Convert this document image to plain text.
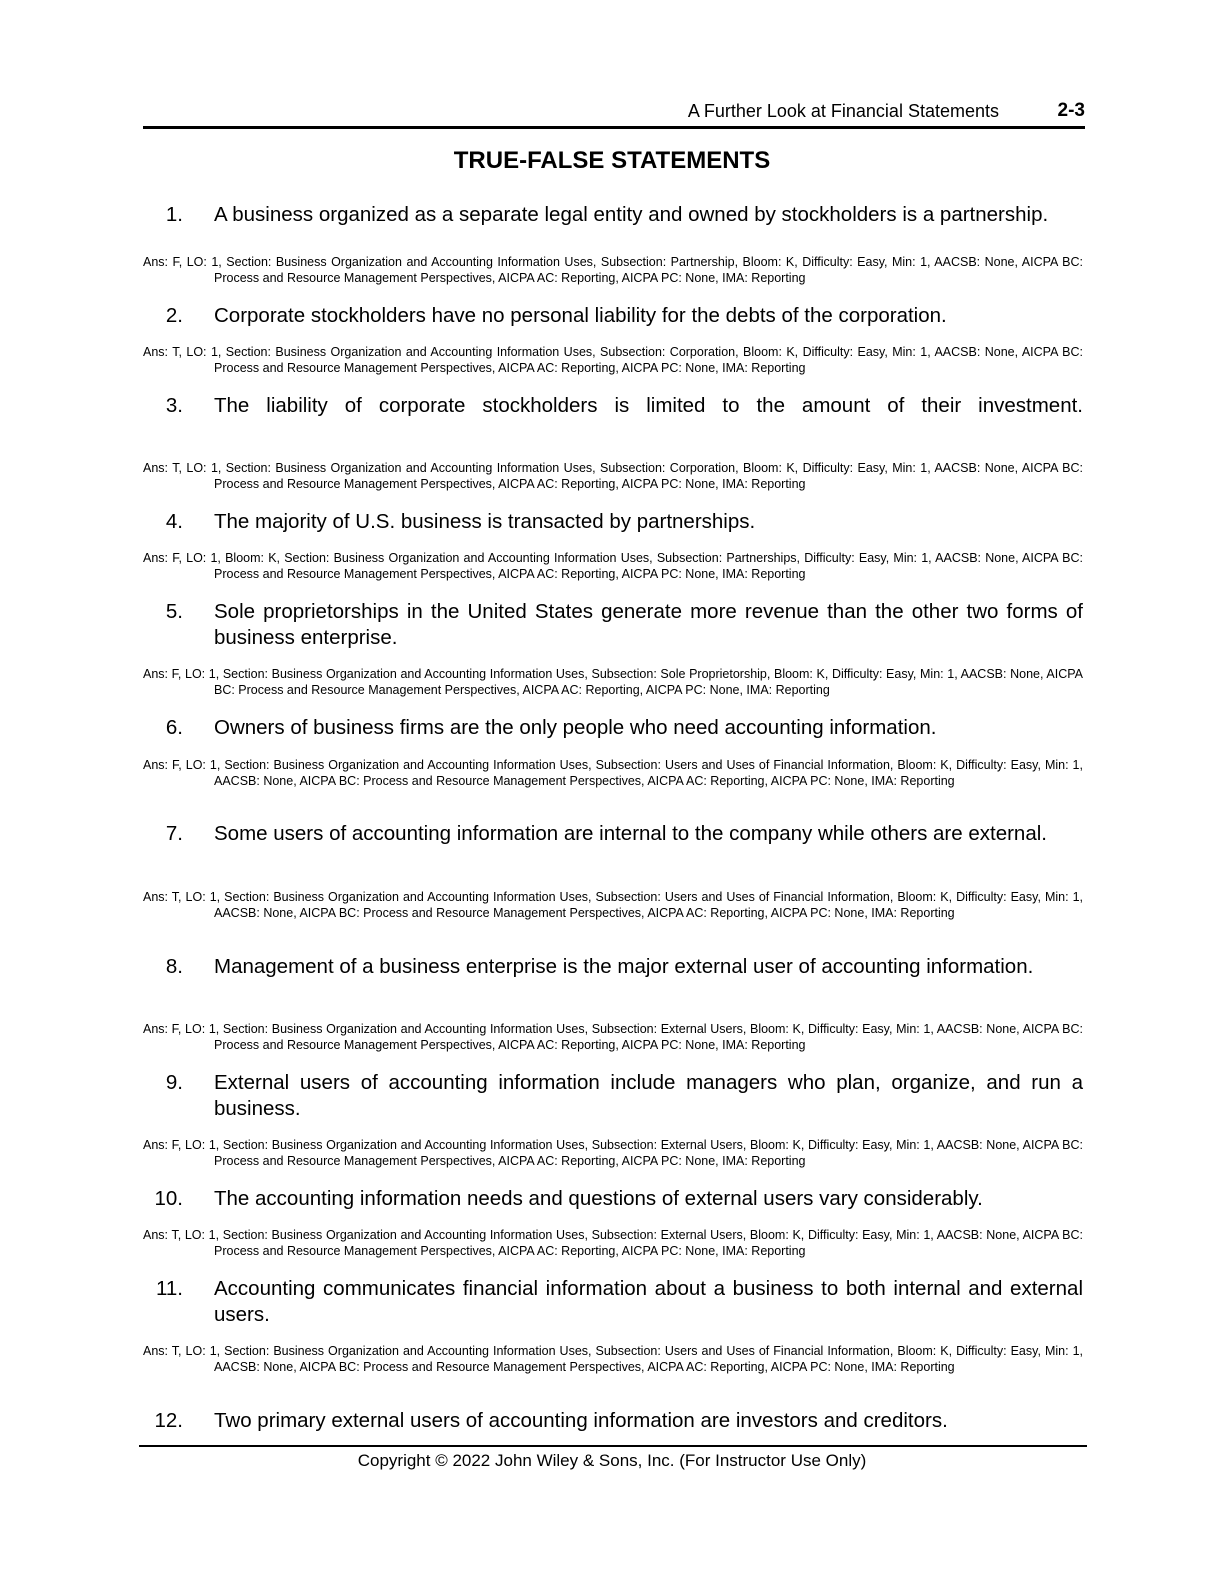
A Further Look at Financial Statements	2-3
TRUE-FALSE STATEMENTS
1. A business organized as a separate legal entity and owned by stockholders is a partnership.
Ans: F, LO: 1, Section: Business Organization and Accounting Information Uses, Subsection: Partnership, Bloom: K, Difficulty: Easy, Min: 1, AACSB: None, AICPA BC: Process and Resource Management Perspectives, AICPA AC: Reporting, AICPA PC: None, IMA: Reporting
2. Corporate stockholders have no personal liability for the debts of the corporation.
Ans: T, LO: 1, Section: Business Organization and Accounting Information Uses, Subsection: Corporation, Bloom: K, Difficulty: Easy, Min: 1, AACSB: None, AICPA BC: Process and Resource Management Perspectives, AICPA AC: Reporting, AICPA PC: None, IMA: Reporting
3. The liability of corporate stockholders is limited to the amount of their investment.
Ans: T, LO: 1, Section: Business Organization and Accounting Information Uses, Subsection: Corporation, Bloom: K, Difficulty: Easy, Min: 1, AACSB: None, AICPA BC: Process and Resource Management Perspectives, AICPA AC: Reporting, AICPA PC: None, IMA: Reporting
4. The majority of U.S. business is transacted by partnerships.
Ans: F, LO: 1, Bloom: K, Section: Business Organization and Accounting Information Uses, Subsection: Partnerships, Difficulty: Easy, Min: 1, AACSB: None, AICPA BC: Process and Resource Management Perspectives, AICPA AC: Reporting, AICPA PC: None, IMA: Reporting
5. Sole proprietorships in the United States generate more revenue than the other two forms of business enterprise.
Ans: F, LO: 1, Section: Business Organization and Accounting Information Uses, Subsection: Sole Proprietorship, Bloom: K, Difficulty: Easy, Min: 1, AACSB: None, AICPA BC: Process and Resource Management Perspectives, AICPA AC: Reporting, AICPA PC: None, IMA: Reporting
6. Owners of business firms are the only people who need accounting information.
Ans: F, LO: 1, Section: Business Organization and Accounting Information Uses, Subsection: Users and Uses of Financial Information, Bloom: K, Difficulty: Easy, Min: 1, AACSB: None, AICPA BC: Process and Resource Management Perspectives, AICPA AC: Reporting, AICPA PC: None, IMA: Reporting
7. Some users of accounting information are internal to the company while others are external.
Ans: T, LO: 1, Section: Business Organization and Accounting Information Uses, Subsection: Users and Uses of Financial Information, Bloom: K, Difficulty: Easy, Min: 1, AACSB: None, AICPA BC: Process and Resource Management Perspectives, AICPA AC: Reporting, AICPA PC: None, IMA: Reporting
8. Management of a business enterprise is the major external user of accounting information.
Ans: F, LO: 1, Section: Business Organization and Accounting Information Uses, Subsection: External Users, Bloom: K, Difficulty: Easy, Min: 1, AACSB: None, AICPA BC: Process and Resource Management Perspectives, AICPA AC: Reporting, AICPA PC: None, IMA: Reporting
9. External users of accounting information include managers who plan, organize, and run a business.
Ans: F, LO: 1, Section: Business Organization and Accounting Information Uses, Subsection: External Users, Bloom: K, Difficulty: Easy, Min: 1, AACSB: None, AICPA BC: Process and Resource Management Perspectives, AICPA AC: Reporting, AICPA PC: None, IMA: Reporting
10. The accounting information needs and questions of external users vary considerably.
Ans: T, LO: 1, Section: Business Organization and Accounting Information Uses, Subsection: External Users, Bloom: K, Difficulty: Easy, Min: 1, AACSB: None, AICPA BC: Process and Resource Management Perspectives, AICPA AC: Reporting, AICPA PC: None, IMA: Reporting
11. Accounting communicates financial information about a business to both internal and external users.
Ans: T, LO: 1, Section: Business Organization and Accounting Information Uses, Subsection: Users and Uses of Financial Information, Bloom: K, Difficulty: Easy, Min: 1, AACSB: None, AICPA BC: Process and Resource Management Perspectives, AICPA AC: Reporting, AICPA PC: None, IMA: Reporting
12. Two primary external users of accounting information are investors and creditors.
Copyright © 2022 John Wiley & Sons, Inc. (For Instructor Use Only)
